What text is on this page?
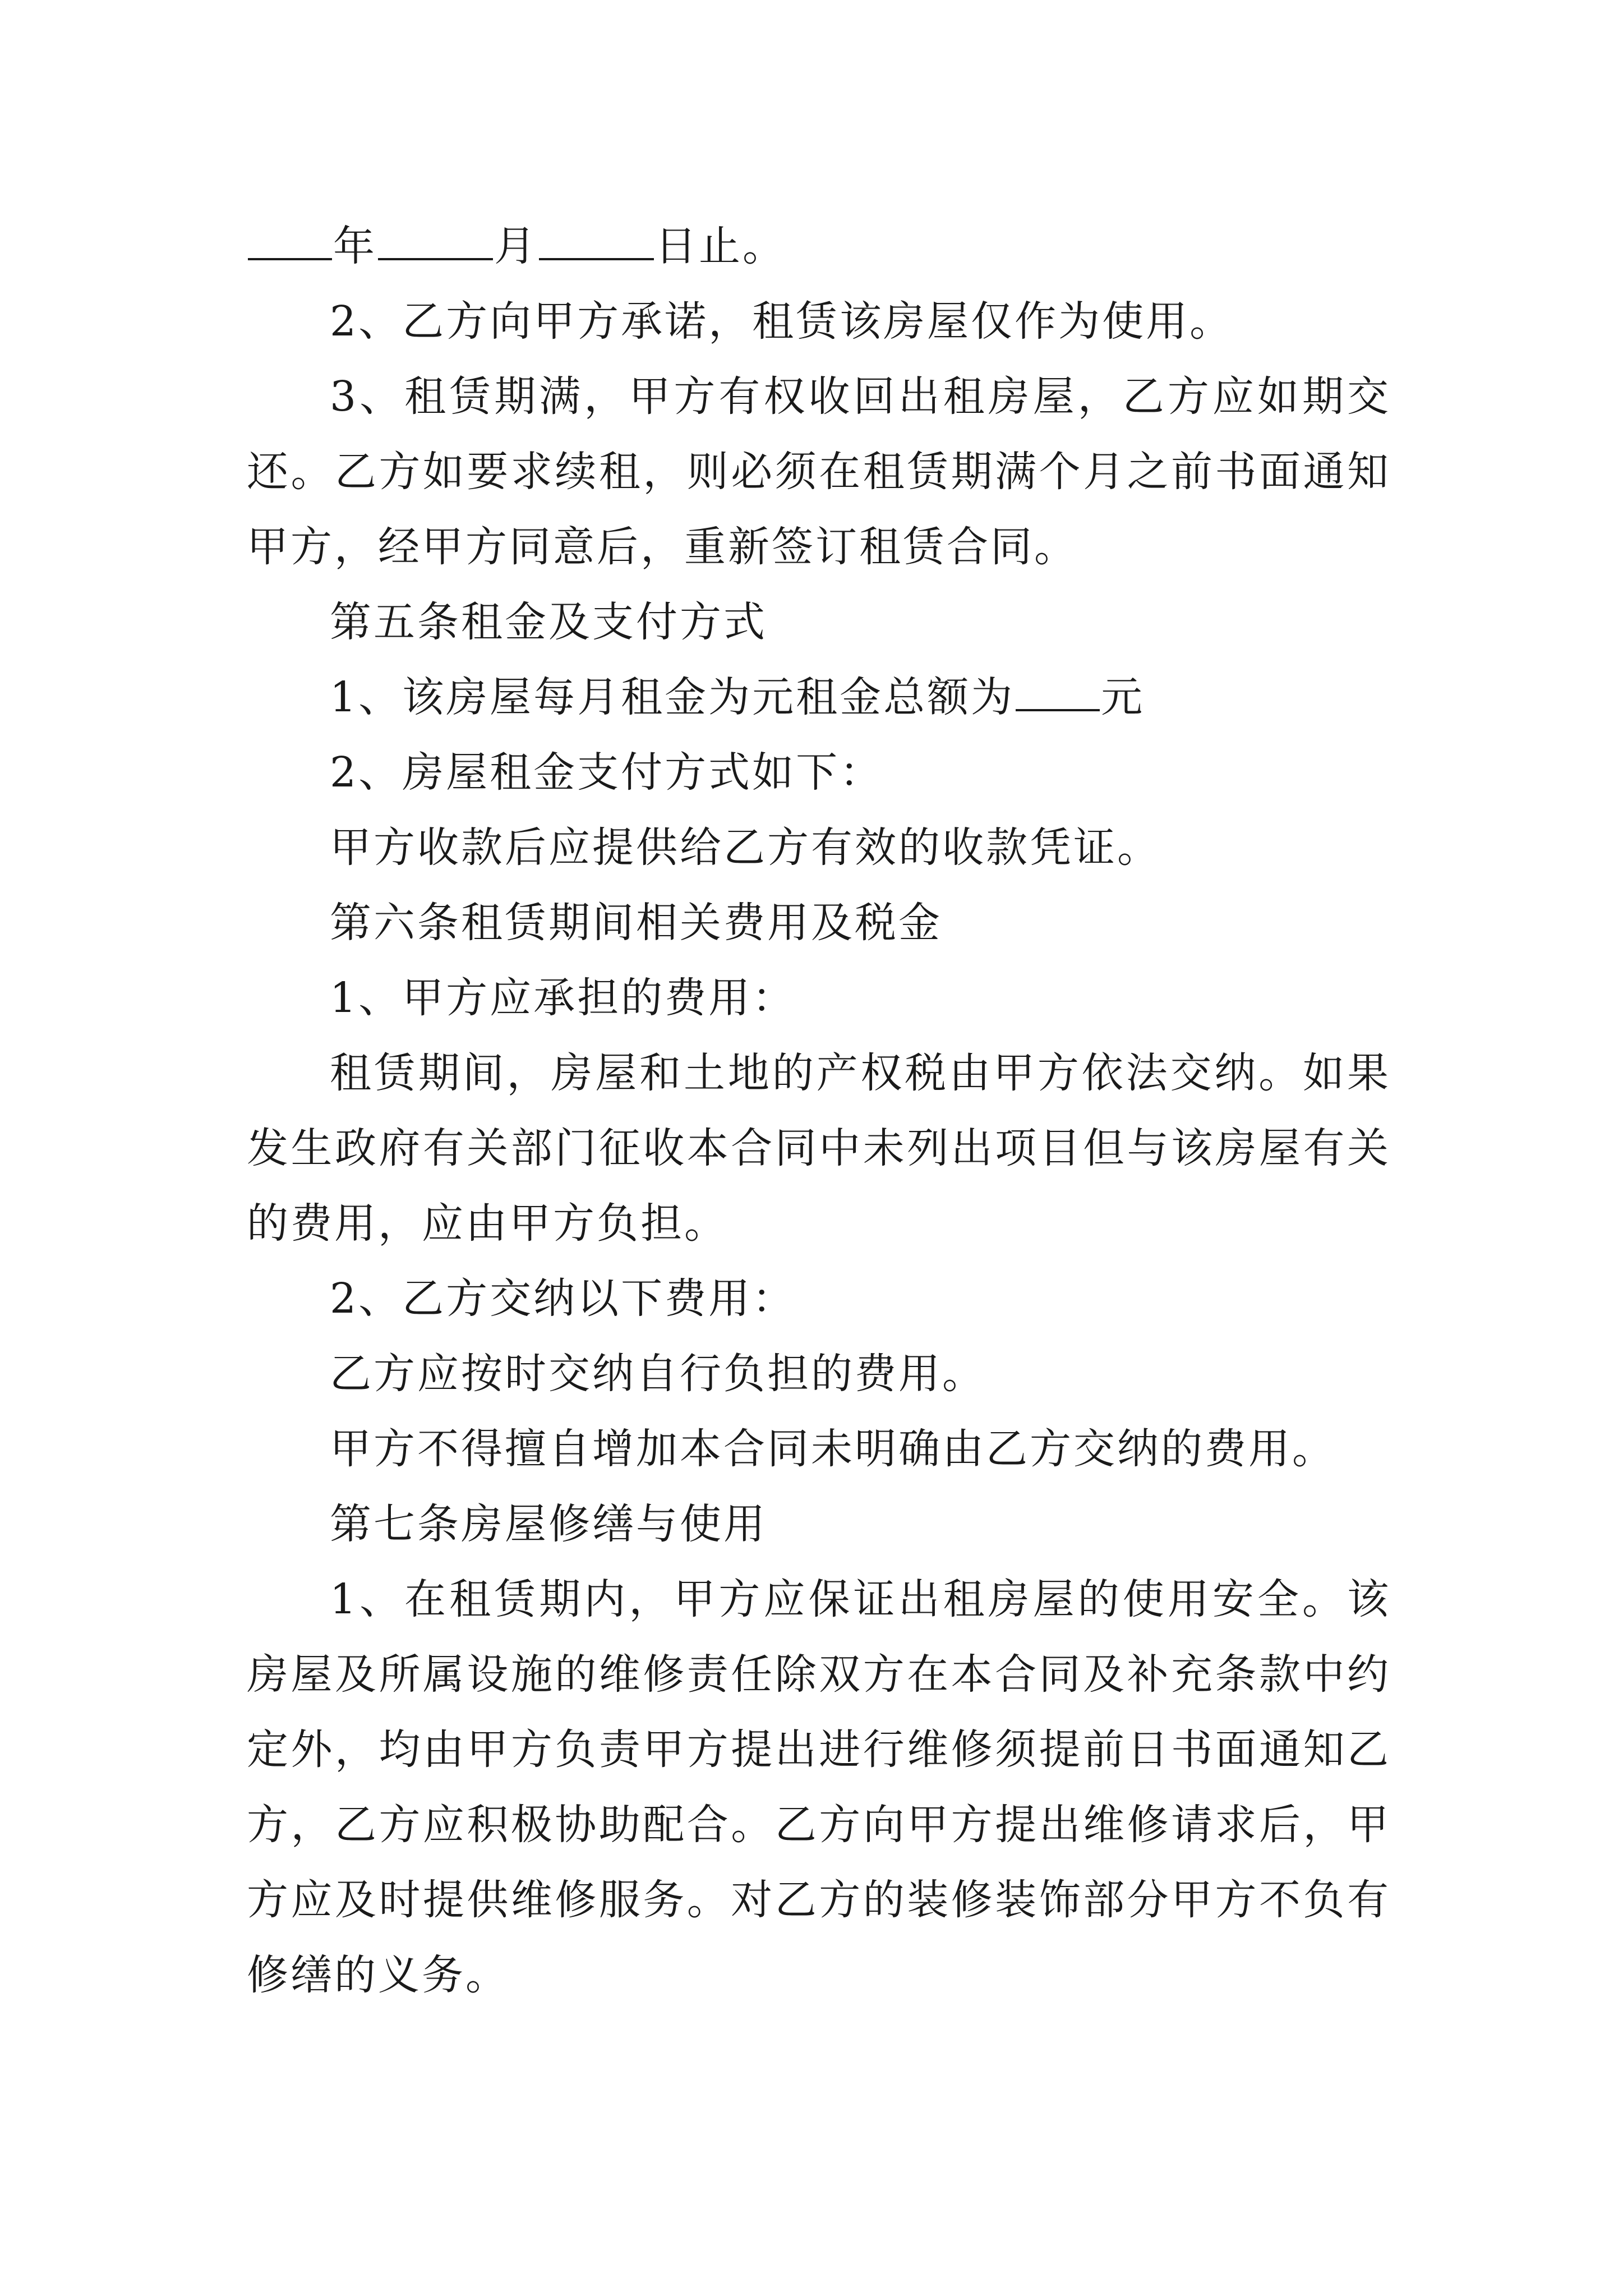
年	月	日止。

2、乙方向甲方承诺，租赁该房屋仅作为使用。

3、租赁期满，甲方有权收回出租房屋，乙方应如期交还。乙方如要求续租，则必须在租赁期满个月之前书面通知甲方，经甲方同意后，重新签订租赁合同。

第五条租金及支付方式

1、该房屋每月租金为元租金总额为 元

2、房屋租金支付方式如下：

甲方收款后应提供给乙方有效的收款凭证。

第六条租赁期间相关费用及税金

1、甲方应承担的费用：

租赁期间，房屋和土地的产权税由甲方依法交纳。如果发生政府有关部门征收本合同中未列出项目但与该房屋有关的费用，应由甲方负担。

2、乙方交纳以下费用：

乙方应按时交纳自行负担的费用。

甲方不得擅自增加本合同未明确由乙方交纳的费用。

第七条房屋修缮与使用

1、在租赁期内，甲方应保证出租房屋的使用安全。该房屋及所属设施的维修责任除双方在本合同及补充条款中约定外，均由甲方负责甲方提出进行维修须提前日书面通知乙方，乙方应积极协助配合。乙方向甲方提出维修请求后，甲方应及时提供维修服务。对乙方的装修装饰部分甲方不负有修缮的义务。
